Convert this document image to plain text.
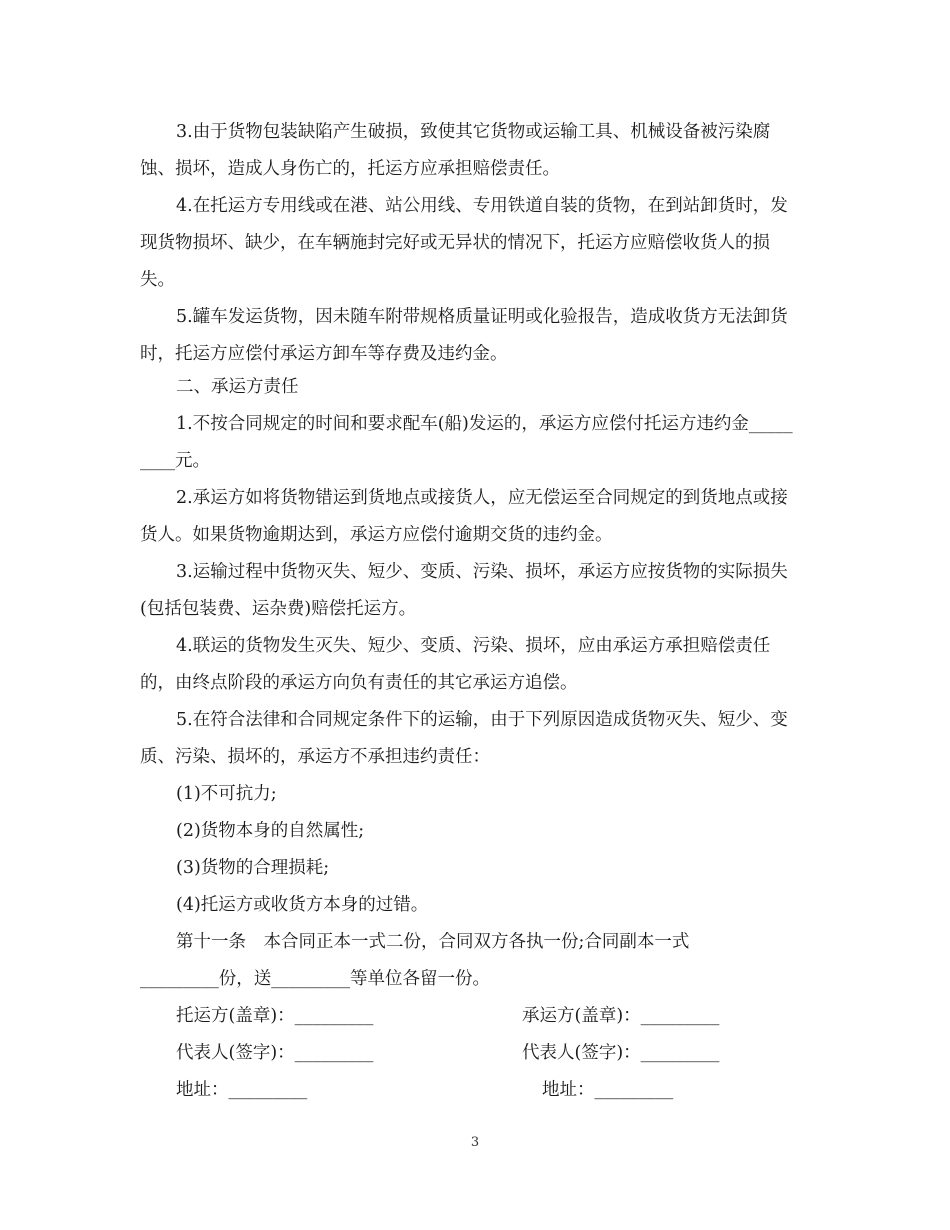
3.由于货物包装缺陷产生破损，致使其它货物或运输工具、机械设备被污染腐蚀、损坏，造成人身伤亡的，托运方应承担赔偿责任。

4.在托运方专用线或在港、站公用线、专用铁道自装的货物，在到站卸货时，发现货物损坏、缺少，在车辆施封完好或无异状的情况下，托运方应赔偿收货人的损失。

5.罐车发运货物，因未随车附带规格质量证明或化验报告，造成收货方无法卸货时，托运方应偿付承运方卸车等存费及违约金。

二、承运方责任

1.不按合同规定的时间和要求配车(船)发运的，承运方应偿付托运方违约金_________元。

2.承运方如将货物错运到货地点或接货人，应无偿运至合同规定的到货地点或接货人。如果货物逾期达到，承运方应偿付逾期交货的违约金。

3.运输过程中货物灭失、短少、变质、污染、损坏，承运方应按货物的实际损失(包括包装费、运杂费)赔偿托运方。

4.联运的货物发生灭失、短少、变质、污染、损坏，应由承运方承担赔偿责任的，由终点阶段的承运方向负有责任的其它承运方追偿。

5.在符合法律和合同规定条件下的运输，由于下列原因造成货物灭失、短少、变质、污染、损坏的，承运方不承担违约责任：

(1)不可抗力;

(2)货物本身的自然属性;

(3)货物的合理损耗;

(4)托运方或收货方本身的过错。

第十一条　本合同正本一式二份，合同双方各执一份;合同副本一式

_________份，送_________等单位各留一份。

托运方(盖章)：_________	承运方(盖章)：_________
代表人(签字)：_________	代表人(签字)：_________
地址：_________	地址：_________
3
